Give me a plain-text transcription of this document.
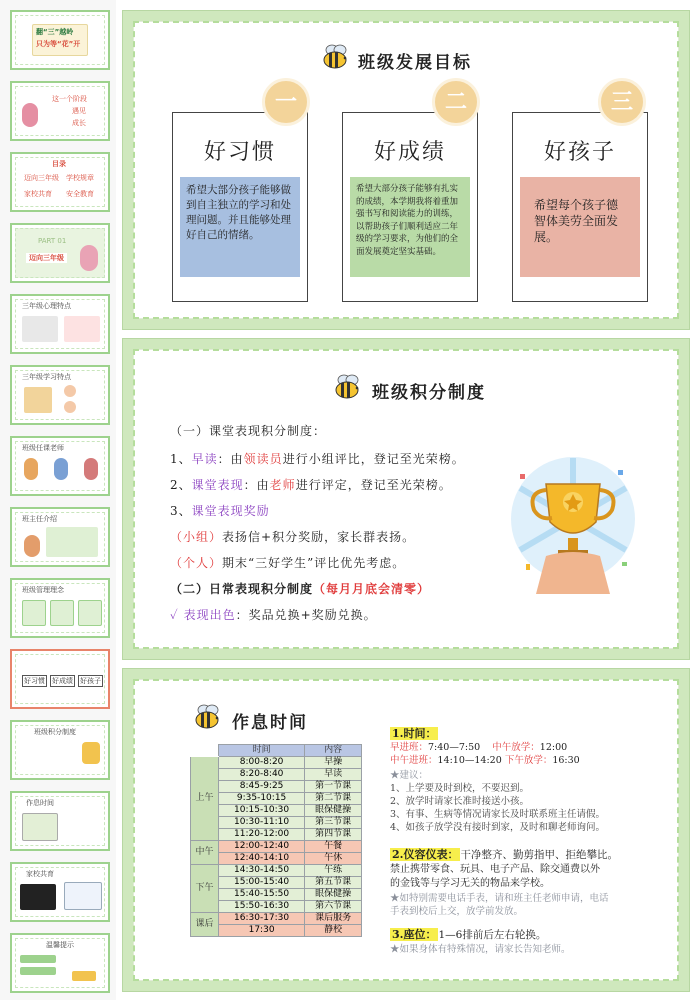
翻“三”越岭
只为等“花”开
这一个阶段
遇见
成长
目录
迈向三年级 学校规章
家校共育 安全教育
PART 01
迈向三年级
三年级心理特点
三年级学习特点
班级任课老师
班主任介绍
班级管理理念
好习惯 好成绩 好孩子
班级积分制度
作息时间
家校共育
温馨提示
班级发展目标
好习惯
希望大部分孩子能够做到自主独立的学习和处理问题。并且能够处理好自己的情绪。
一
好成绩
希望大部分孩子能够有扎实的成绩，本学期我将着重加强书写和阅读能力的训练，以帮助孩子们顺利适应二年级的学习要求，为他们的全面发展奠定坚实基础。
二
好孩子
希望每个孩子德智体美劳全面发展。
三
班级积分制度
（一）课堂表现积分制度：
1、早读：由领读员进行小组评比，登记至光荣榜。
2、课堂表现：由老师进行评定，登记至光荣榜。
3、课堂表现奖励
（小组）表扬信+积分奖励，家长群表扬。
（个人）期末“三好学生”评比优先考虑。
（二）日常表现积分制度（每月月底会清零）
✓ 表现出色：奖品兑换+奖励兑换。
作息时间
	时间	内容
上午	8:00-8:20	早操
	8:20-8:40	早读
	8:45-9:25	第一节课
	9:35-10:15	第二节课
	10:15-10:30	眼保健操
	10:30-11:10	第三节课
	11:20-12:00	第四节课
中午	12:00-12:40	午餐
	12:40-14:10	午休
下午	14:30-14:50	午练
	15:00-15:40	第五节课
	15:40-15:50	眼保健操
	15:50-16:30	第六节课
课后	16:30-17:30	课后服务
	17:30	静校
1.时间：
早进班：7:40—7:50 中午放学：12:00
中午进班：14:10—14:20 下午放学：16:30
★建议：
1、上学要及时到校，不要迟到。
2、放学时请家长准时接送小孩。
3、有事、生病等情况请家长及时联系班主任请假。
4、如孩子放学没有接时到家，及时和聊老师询问。
2.仪容仪表： 干净整齐、勤剪指甲、拒绝攀比。
禁止携带零食、玩具、电子产品、除交通费以外
的金钱等与学习无关的物品来学校。
★如特别需要电话手表，请和班主任老师申请，电话
手表到校后上交，放学前发放。
3.座位： 1—6排前后左右轮换。
★如果身体有特殊情况，请家长告知老师。
